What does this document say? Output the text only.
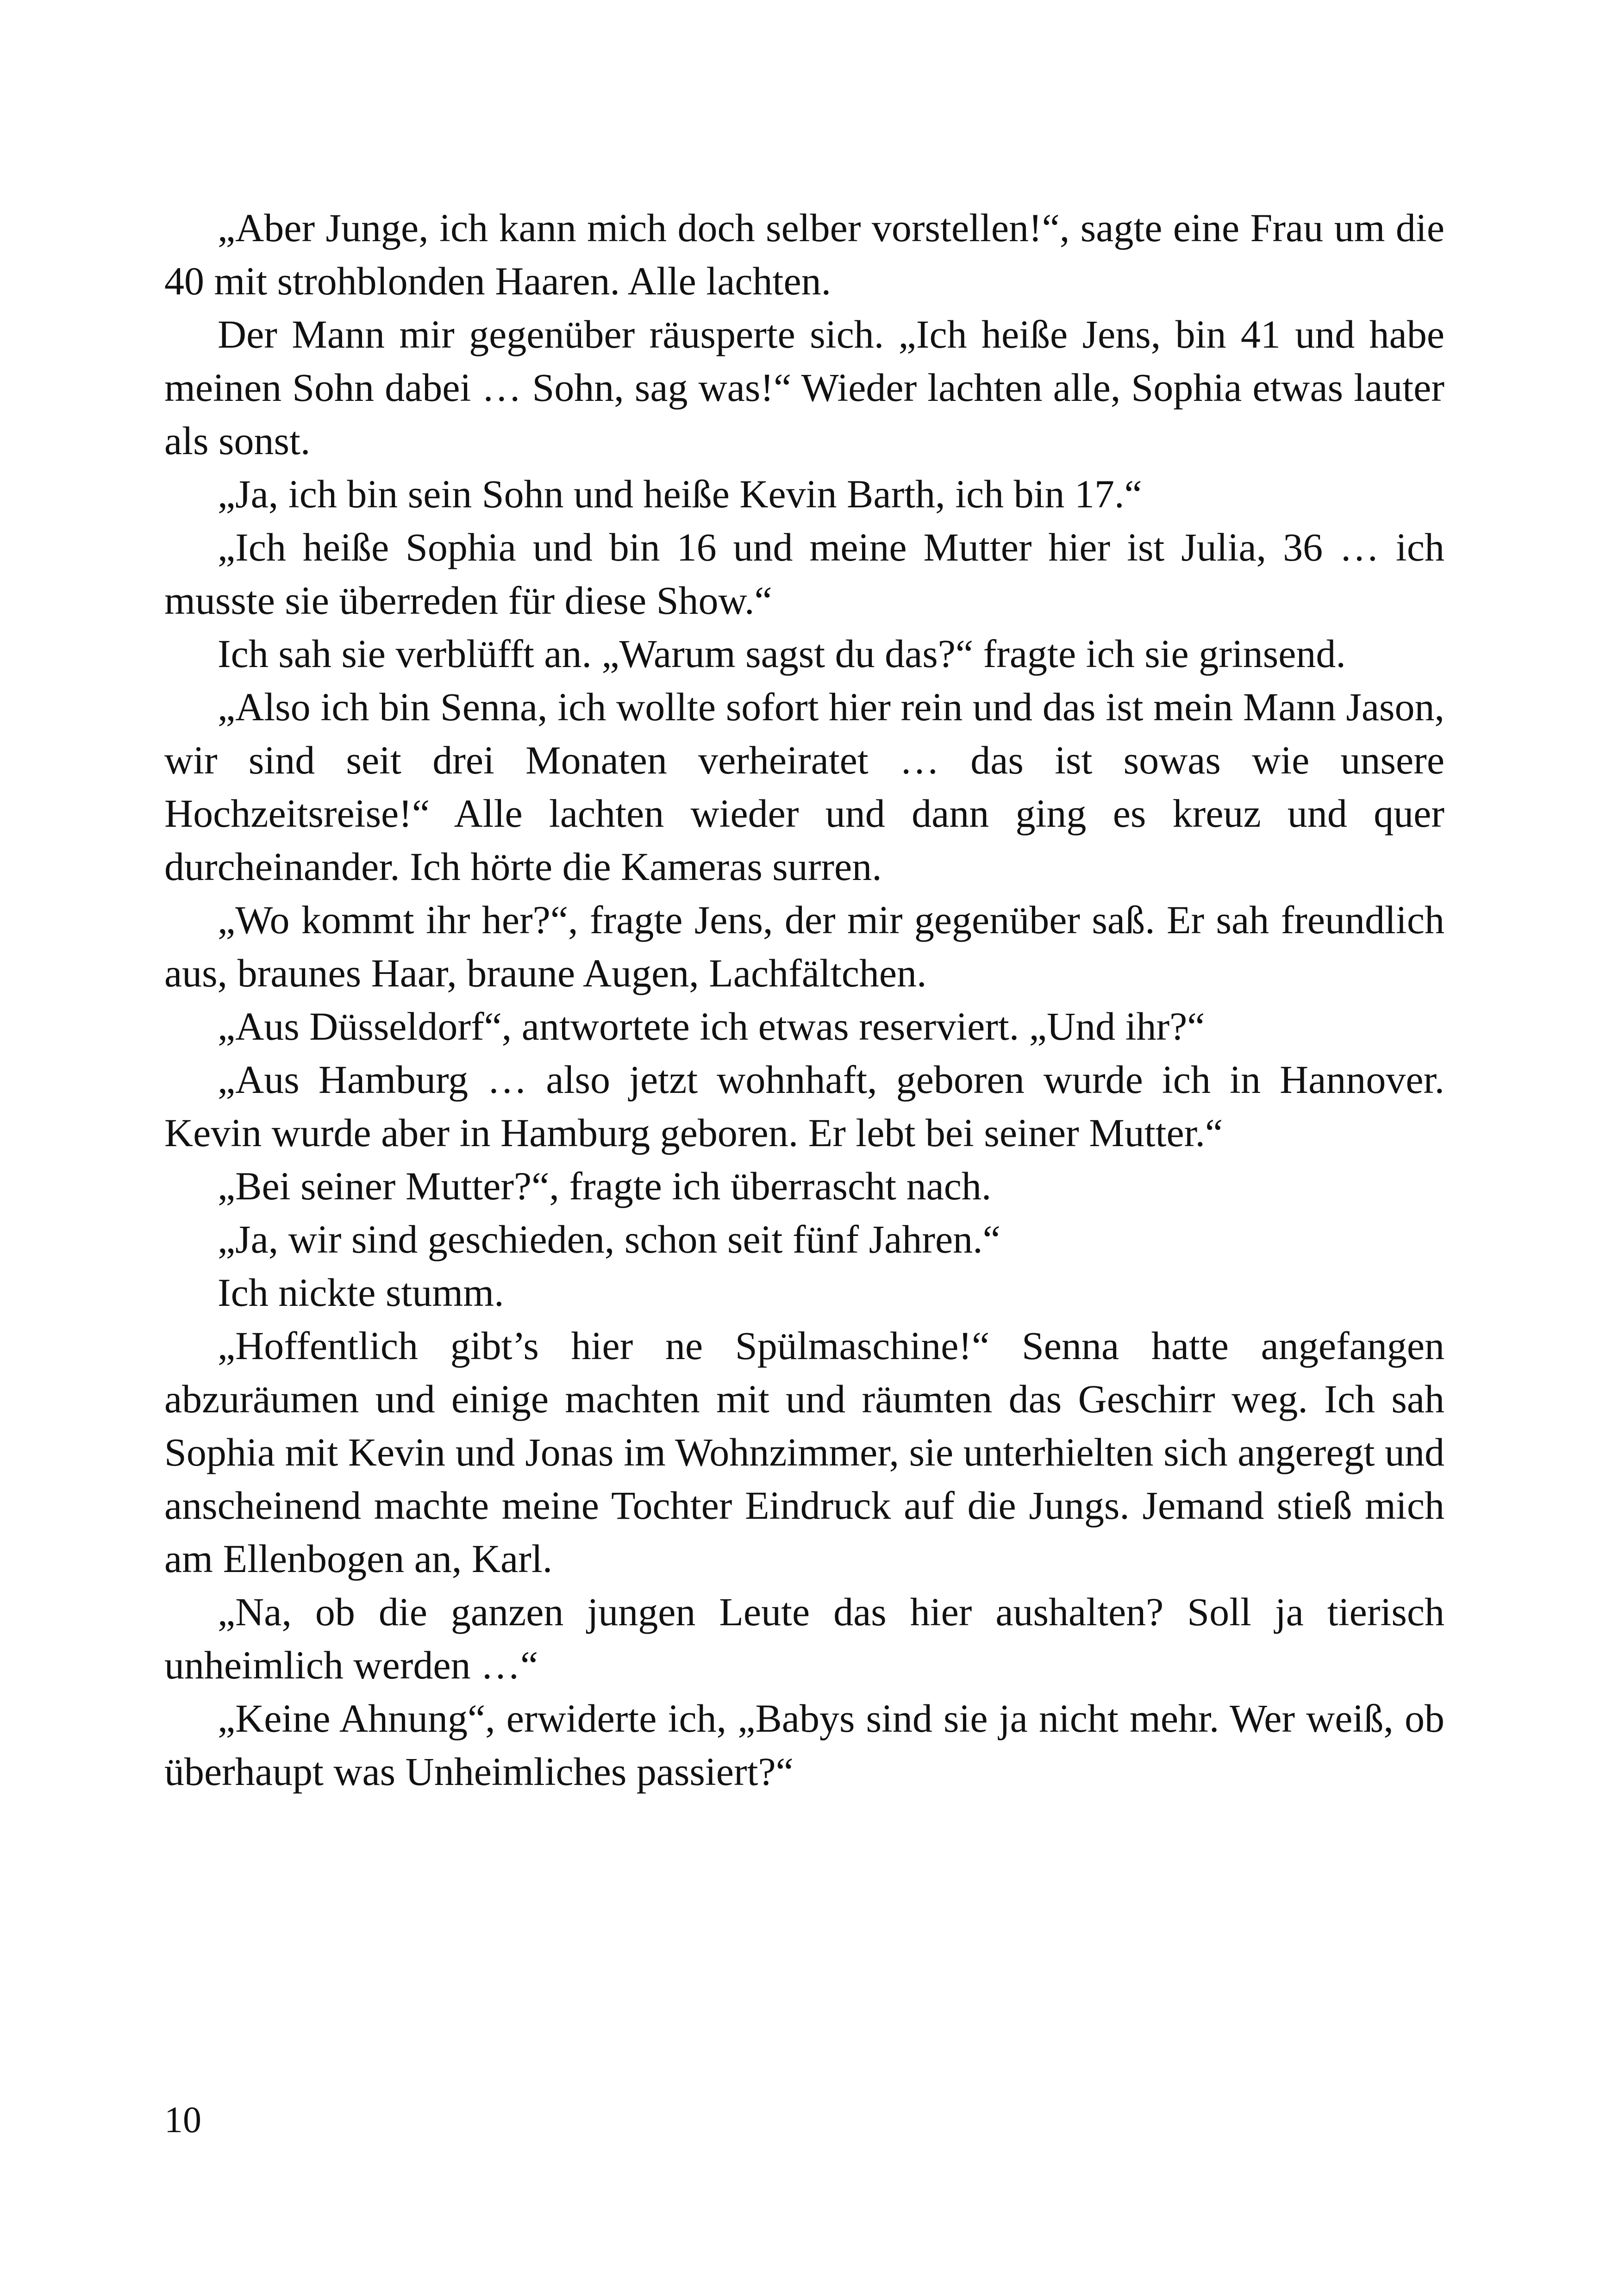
„Aber Junge, ich kann mich doch selber vorstellen!“, sagte eine Frau um die 40 mit strohblonden Haaren. Alle lachten.

Der Mann mir gegenüber räusperte sich. „Ich heiße Jens, bin 41 und habe meinen Sohn dabei … Sohn, sag was!“ Wieder lachten alle, Sophia etwas lauter als sonst.

„Ja, ich bin sein Sohn und heiße Kevin Barth, ich bin 17.“

„Ich heiße Sophia und bin 16 und meine Mutter hier ist Julia, 36 … ich musste sie überreden für diese Show.“

Ich sah sie verblüfft an. „Warum sagst du das?“ fragte ich sie grinsend.

„Also ich bin Senna, ich wollte sofort hier rein und das ist mein Mann Jason, wir sind seit drei Monaten verheiratet … das ist sowas wie unsere Hochzeitsreise!“ Alle lachten wieder und dann ging es kreuz und quer durcheinander. Ich hörte die Kameras surren.

„Wo kommt ihr her?“, fragte Jens, der mir gegenüber saß. Er sah freundlich aus, braunes Haar, braune Augen, Lachfältchen.

„Aus Düsseldorf“, antwortete ich etwas reserviert. „Und ihr?“

„Aus Hamburg … also jetzt wohnhaft, geboren wurde ich in Hannover. Kevin wurde aber in Hamburg geboren. Er lebt bei seiner Mutter.“

„Bei seiner Mutter?“, fragte ich überrascht nach.

„Ja, wir sind geschieden, schon seit fünf Jahren.“

Ich nickte stumm.

„Hoffentlich gibt’s hier ne Spülmaschine!“ Senna hatte angefangen abzuräumen und einige machten mit und räumten das Geschirr weg. Ich sah Sophia mit Kevin und Jonas im Wohnzimmer, sie unterhielten sich angeregt und anscheinend machte meine Tochter Eindruck auf die Jungs. Jemand stieß mich am Ellenbogen an, Karl.

„Na, ob die ganzen jungen Leute das hier aushalten? Soll ja tierisch unheimlich werden …“

„Keine Ahnung“, erwiderte ich, „Babys sind sie ja nicht mehr. Wer weiß, ob überhaupt was Unheimliches passiert?“

10
